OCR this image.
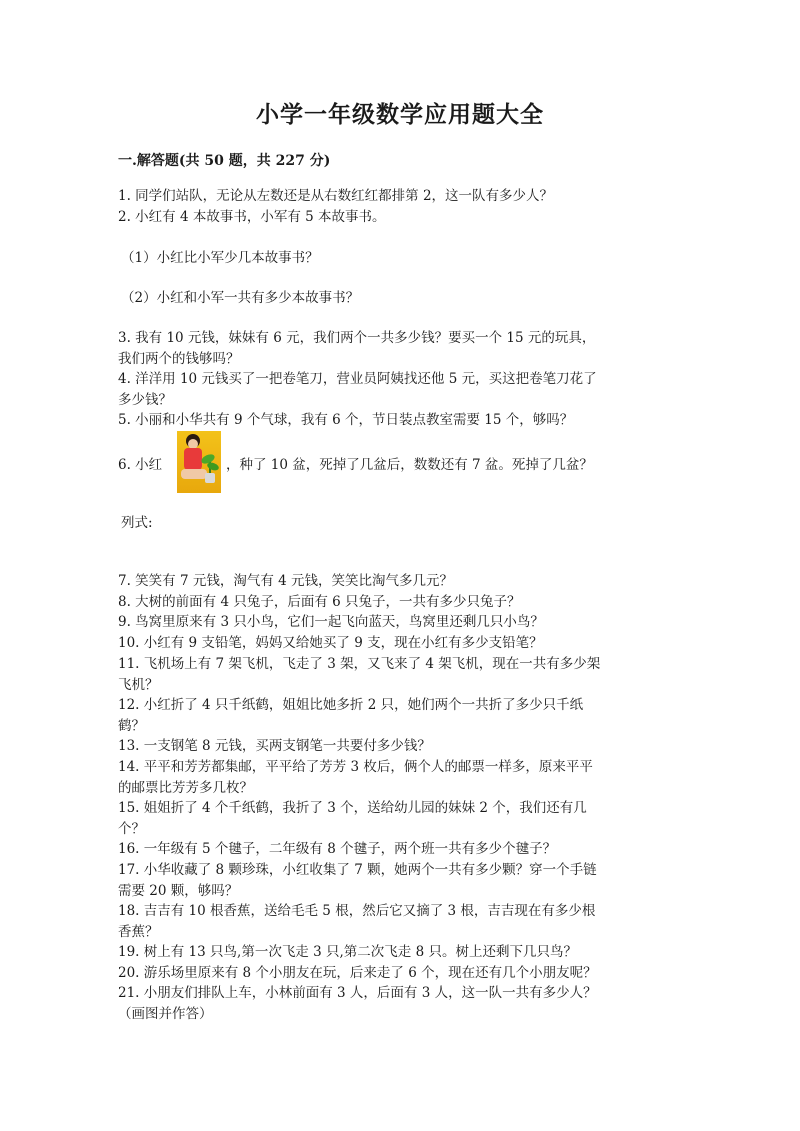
小学一年级数学应用题大全
一.解答题(共 50 题，共 227 分)
1. 同学们站队，无论从左数还是从右数红红都排第 2，这一队有多少人？
2. 小红有 4 本故事书，小军有 5 本故事书。
（1）小红比小军少几本故事书？
（2）小红和小军一共有多少本故事书？
3. 我有 10 元钱，妹妹有 6 元，我们两个一共多少钱？要买一个 15 元的玩具，
我们两个的钱够吗？
4. 洋洋用 10 元钱买了一把卷笔刀，营业员阿姨找还他 5 元，买这把卷笔刀花了
多少钱？
5. 小丽和小华共有 9 个气球，我有 6 个，节日装点教室需要 15 个，够吗？
6. 小红	，种了 10 盆，死掉了几盆后，数数还有 7 盆。死掉了几盆？
列式:
7. 笑笑有 7 元钱，淘气有 4 元钱，笑笑比淘气多几元？
8. 大树的前面有 4 只兔子，后面有 6 只兔子，一共有多少只兔子？
9. 鸟窝里原来有 3 只小鸟，它们一起飞向蓝天，鸟窝里还剩几只小鸟？
10. 小红有 9 支铅笔，妈妈又给她买了 9 支，现在小红有多少支铅笔？
11. 飞机场上有 7 架飞机，飞走了 3 架，又飞来了 4 架飞机，现在一共有多少架
飞机？
12. 小红折了 4 只千纸鹤，姐姐比她多折 2 只，她们两个一共折了多少只千纸
鹤？
13. 一支钢笔 8 元钱，买两支钢笔一共要付多少钱？
14. 平平和芳芳都集邮，平平给了芳芳 3 枚后，俩个人的邮票一样多，原来平平
的邮票比芳芳多几枚？
15. 姐姐折了 4 个千纸鹤，我折了 3 个，送给幼儿园的妹妹 2 个，我们还有几
个？
16. 一年级有 5 个毽子，二年级有 8 个毽子，两个班一共有多少个毽子？
17. 小华收藏了 8 颗珍珠，小红收集了 7 颗，她两个一共有多少颗？穿一个手链
需要 20 颗，够吗？
18. 吉吉有 10 根香蕉，送给毛毛 5 根，然后它又摘了 3 根，吉吉现在有多少根
香蕉？
19. 树上有 13 只鸟,第一次飞走 3 只,第二次飞走 8 只。树上还剩下几只鸟？
20. 游乐场里原来有 8 个小朋友在玩，后来走了 6 个，现在还有几个小朋友呢？
21. 小朋友们排队上车，小林前面有 3 人，后面有 3 人，这一队一共有多少人？
（画图并作答）
